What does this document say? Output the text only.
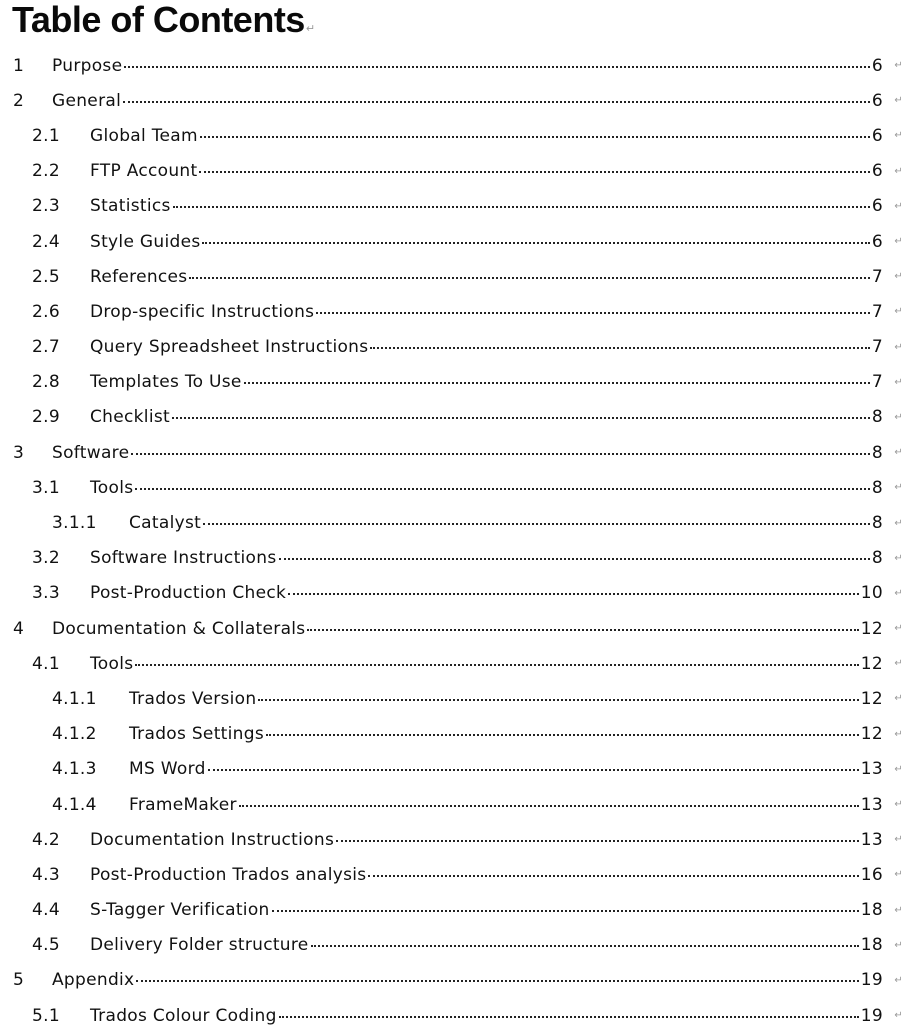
Table of Contents↵
1 Purpose	6 ↵
2 General	6 ↵
2.1 Global Team	6 ↵
2.2 FTP Account	6 ↵
2.3 Statistics	6 ↵
2.4 Style Guides	6 ↵
2.5 References	7 ↵
2.6 Drop-specific Instructions	7 ↵
2.7 Query Spreadsheet Instructions	7 ↵
2.8 Templates To Use	7 ↵
2.9 Checklist	8 ↵
3 Software	8 ↵
3.1 Tools	8 ↵
3.1.1 Catalyst	8 ↵
3.2 Software Instructions	8 ↵
3.3 Post-Production Check	10 ↵
4 Documentation & Collaterals	12 ↵
4.1 Tools	12 ↵
4.1.1 Trados Version	12 ↵
4.1.2 Trados Settings	12 ↵
4.1.3 MS Word	13 ↵
4.1.4 FrameMaker	13 ↵
4.2 Documentation Instructions	13 ↵
4.3 Post-Production Trados analysis	16 ↵
4.4 S-Tagger Verification	18 ↵
4.5 Delivery Folder structure	18 ↵
5 Appendix	19 ↵
5.1 Trados Colour Coding	19 ↵
